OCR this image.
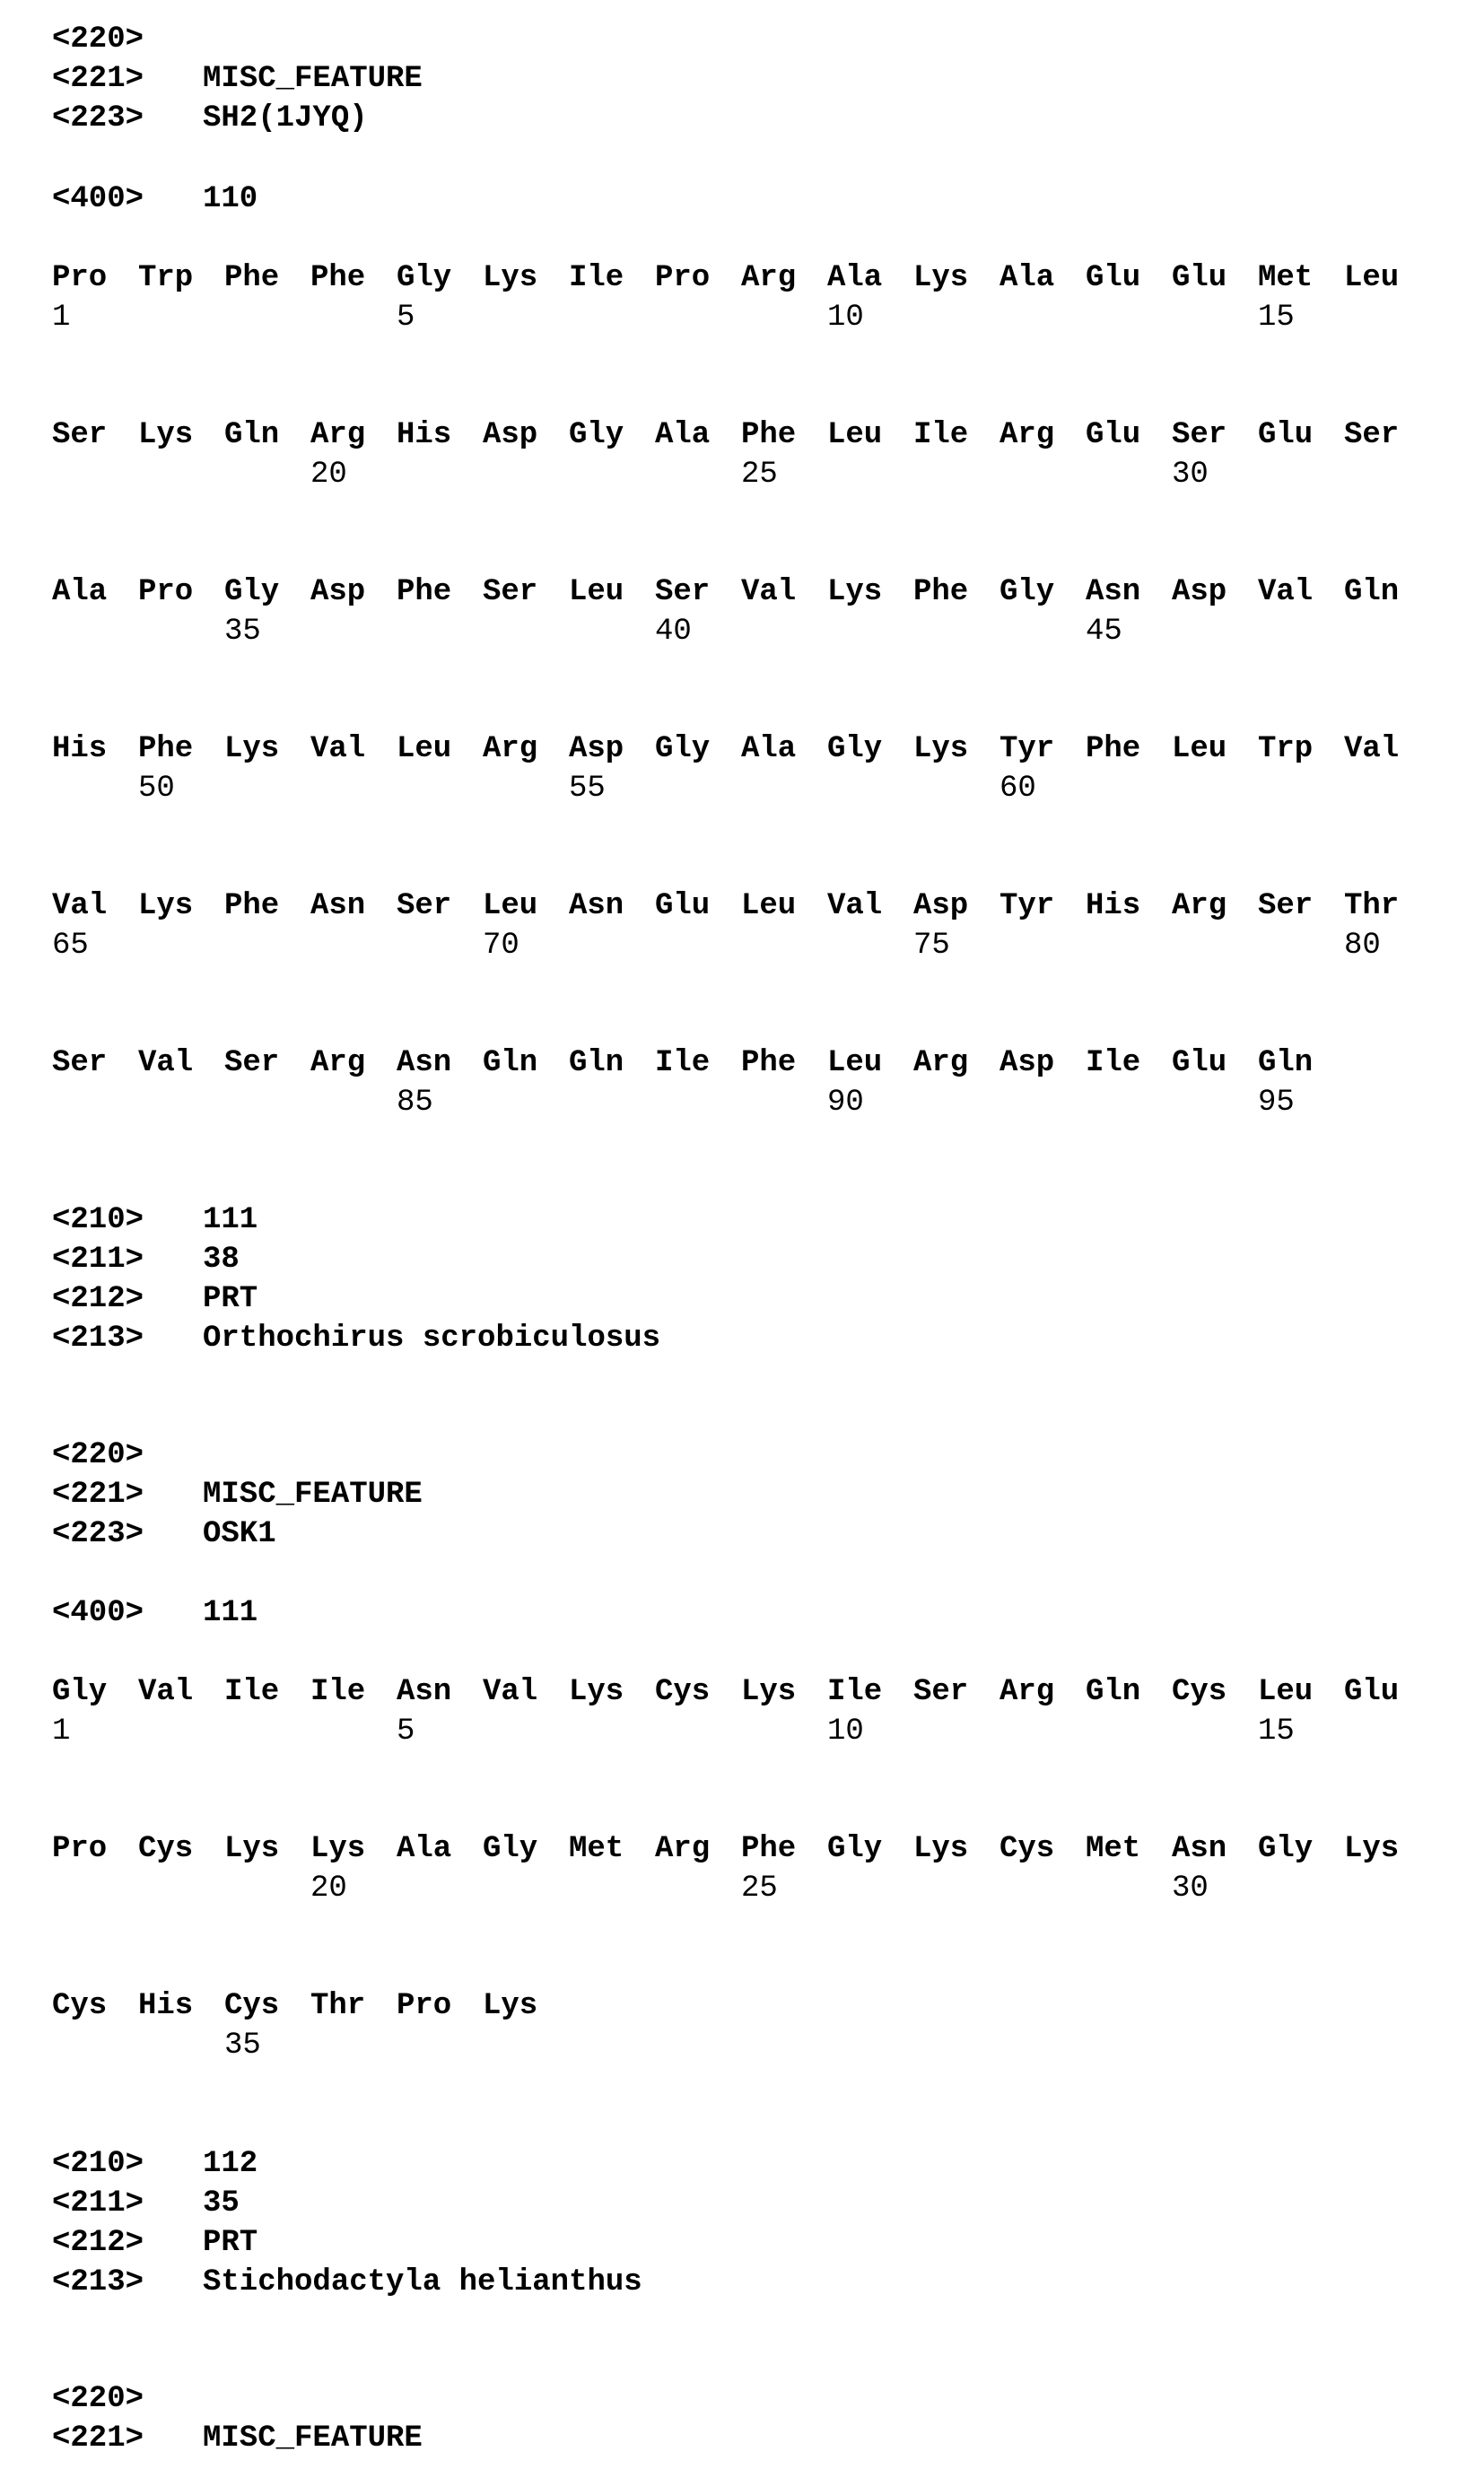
<220>
<221> MISC_FEATURE
<223> SH2(1JYQ)
<400> 110
Pro Trp Phe Phe Gly Lys Ile Pro Arg Ala Lys Ala Glu Glu Met Leu
1	5	10	15
Ser Lys Gln Arg His Asp Gly Ala Phe Leu Ile Arg Glu Ser Glu Ser
20	25	30
Ala Pro Gly Asp Phe Ser Leu Ser Val Lys Phe Gly Asn Asp Val Gln
35	40	45
His Phe Lys Val Leu Arg Asp Gly Ala Gly Lys Tyr Phe Leu Trp Val
50	55	60
Val Lys Phe Asn Ser Leu Asn Glu Leu Val Asp Tyr His Arg Ser Thr
65	70	75	80
Ser Val Ser Arg Asn Gln Gln Ile Phe Leu Arg Asp Ile Glu Gln
85	90	95
<210> 111
<211> 38
<212> PRT
<213> Orthochirus scrobiculosus
<220>
<221> MISC_FEATURE
<223> OSK1
<400> 111
Gly Val Ile Ile Asn Val Lys Cys Lys Ile Ser Arg Gln Cys Leu Glu
1	5	10	15
Pro Cys Lys Lys Ala Gly Met Arg Phe Gly Lys Cys Met Asn Gly Lys
20	25	30
Cys His Cys Thr Pro Lys
35
<210> 112
<211> 35
<212> PRT
<213> Stichodactyla helianthus
<220>
<221> MISC_FEATURE
